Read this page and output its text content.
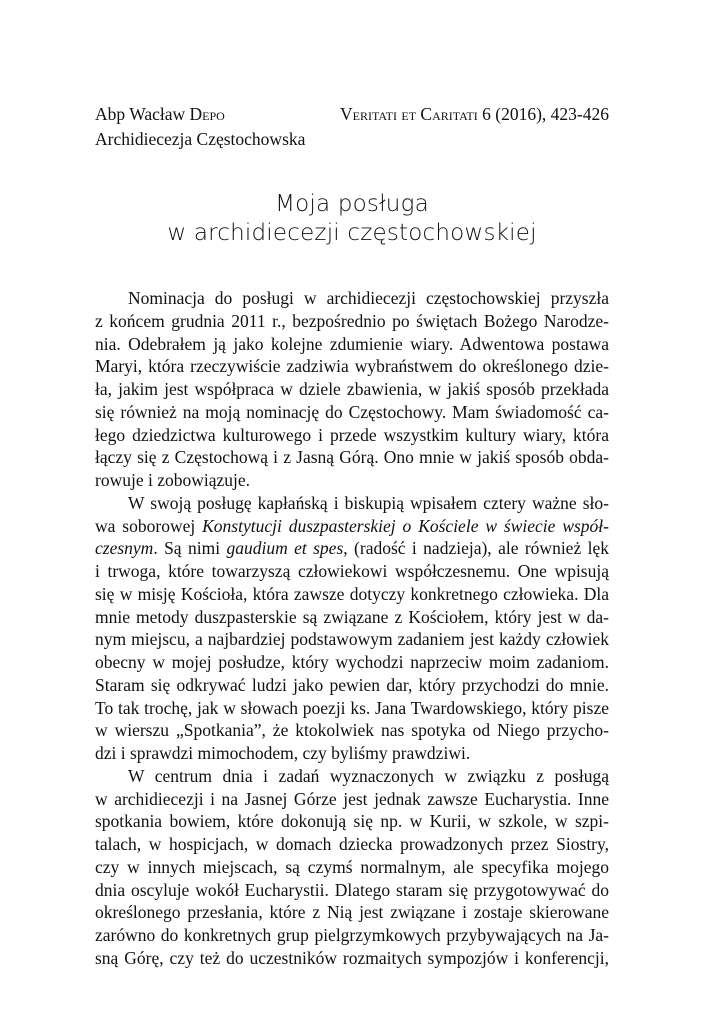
Abp Wacław Depo
Archidiecezja Częstochowska
Veritati et Caritati 6 (2016), 423-426
Moja posługa
w archidiecezji częstochowskiej
Nominacja do posługi w archidiecezji częstochowskiej przyszła
z końcem grudnia 2011 r., bezpośrednio po świętach Bożego Narodze-
nia. Odebrałem ją jako kolejne zdumienie wiary. Adwentowa postawa
Maryi, która rzeczywiście zadziwia wybraństwem do określonego dzie-
ła, jakim jest współpraca w dziele zbawienia, w jakiś sposób przekłada
się również na moją nominację do Częstochowy. Mam świadomość ca-
łego dziedzictwa kulturowego i przede wszystkim kultury wiary, która
łączy się z Częstochową i z Jasną Górą. Ono mnie w jakiś sposób obda-
rowuje i zobowiązuje.
W swoją posługę kapłańską i biskupią wpisałem cztery ważne sło-
wa soborowej Konstytucji duszpasterskiej o Kościele w świecie współ-
czesnym. Są nimi gaudium et spes, (radość i nadzieja), ale również lęk
i trwoga, które towarzyszą człowiekowi współczesnemu. One wpisują
się w misję Kościoła, która zawsze dotyczy konkretnego człowieka. Dla
mnie metody duszpasterskie są związane z Kościołem, który jest w da-
nym miejscu, a najbardziej podstawowym zadaniem jest każdy człowiek
obecny w mojej posłudze, który wychodzi naprzeciw moim zadaniom.
Staram się odkrywać ludzi jako pewien dar, który przychodzi do mnie.
To tak trochę, jak w słowach poezji ks. Jana Twardowskiego, który pisze
w wierszu „Spotkania”, że ktokolwiek nas spotyka od Niego przycho-
dzi i sprawdzi mimochodem, czy byliśmy prawdziwi.
W centrum dnia i zadań wyznaczonych w związku z posługą
w archidiecezji i na Jasnej Górze jest jednak zawsze Eucharystia. Inne
spotkania bowiem, które dokonują się np. w Kurii, w szkole, w szpi-
talach, w hospicjach, w domach dziecka prowadzonych przez Siostry,
czy w innych miejscach, są czymś normalnym, ale specyfika mojego
dnia oscyluje wokół Eucharystii. Dlatego staram się przygotowywać do
określonego przesłania, które z Nią jest związane i zostaje skierowane
zarówno do konkretnych grup pielgrzymkowych przybywających na Ja-
sną Górę, czy też do uczestników rozmaitych sympozjów i konferencji,
